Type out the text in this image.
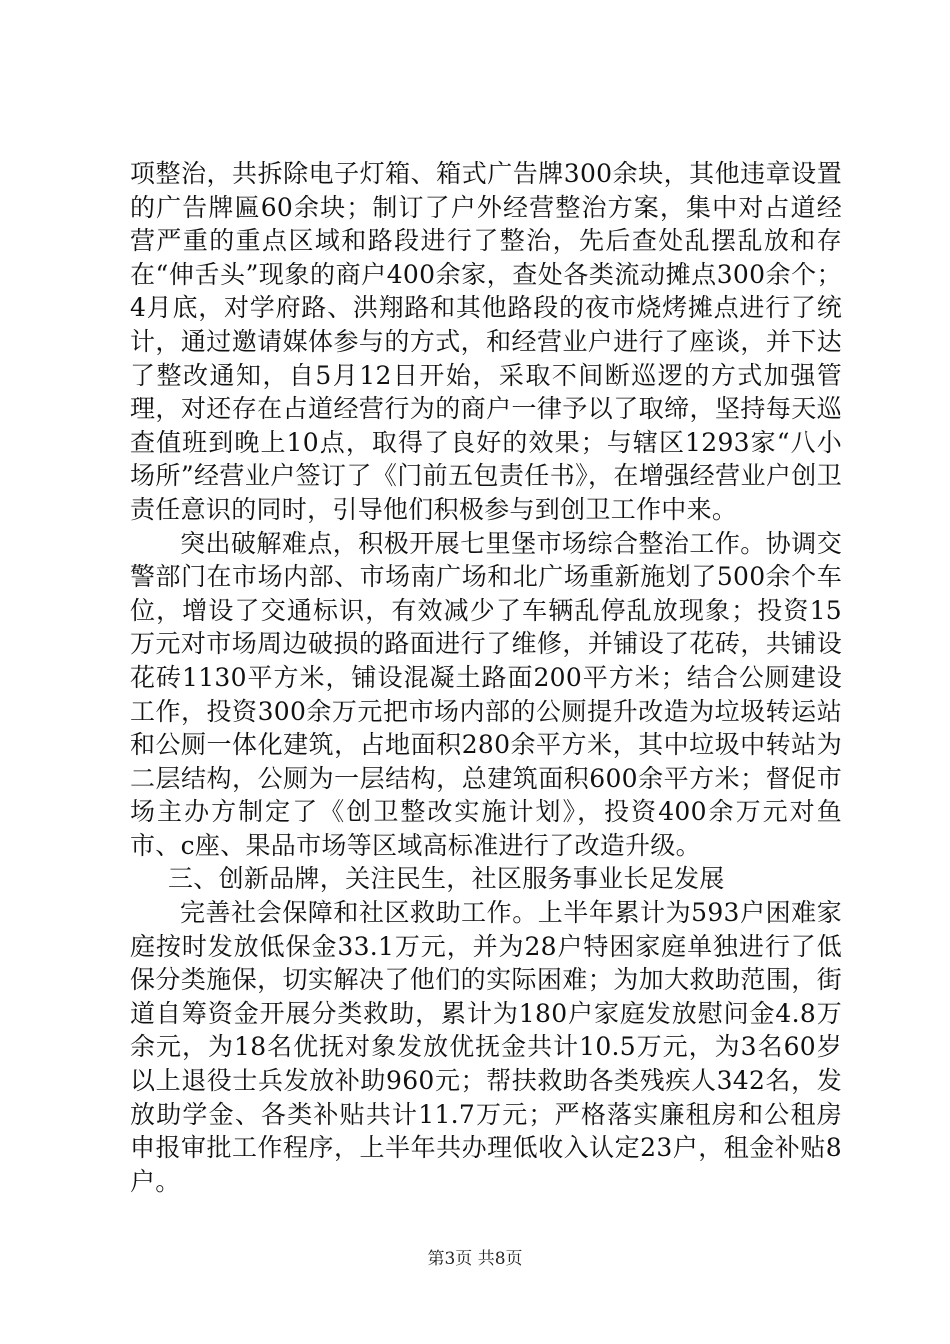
项整治，共拆除电子灯箱、箱式广告牌300余块，其他违章设置的广告牌匾60余块；制订了户外经营整治方案，集中对占道经营严重的重点区域和路段进行了整治，先后查处乱摆乱放和存在“伸舌头”现象的商户400余家，查处各类流动摊点300余个；4月底，对学府路、洪翔路和其他路段的夜市烧烤摊点进行了统计，通过邀请媒体参与的方式，和经营业户进行了座谈，并下达了整改通知，自5月12日开始，采取不间断巡逻的方式加强管理，对还存在占道经营行为的商户一律予以了取缔，坚持每天巡查值班到晚上10点，取得了良好的效果；与辖区1293家“八小场所”经营业户签订了《门前五包责任书》，在增强经营业户创卫责任意识的同时，引导他们积极参与到创卫工作中来。

突出破解难点，积极开展七里堡市场综合整治工作。协调交警部门在市场内部、市场南广场和北广场重新施划了500余个车位，增设了交通标识，有效减少了车辆乱停乱放现象；投资15万元对市场周边破损的路面进行了维修，并铺设了花砖，共铺设花砖1130平方米，铺设混凝土路面200平方米；结合公厕建设工作，投资300余万元把市场内部的公厕提升改造为垃圾转运站和公厕一体化建筑，占地面积280余平方米，其中垃圾中转站为二层结构，公厕为一层结构，总建筑面积600余平方米；督促市场主办方制定了《创卫整改实施计划》，投资400余万元对鱼市、c座、果品市场等区域高标准进行了改造升级。

三、创新品牌，关注民生，社区服务事业长足发展

完善社会保障和社区救助工作。上半年累计为593户困难家庭按时发放低保金33.1万元，并为28户特困家庭单独进行了低保分类施保，切实解决了他们的实际困难；为加大救助范围，街道自筹资金开展分类救助，累计为180户家庭发放慰问金4.8万余元，为18名优抚对象发放优抚金共计10.5万元，为3名60岁以上退役士兵发放补助960元；帮扶救助各类残疾人342名，发放助学金、各类补贴共计11.7万元；严格落实廉租房和公租房申报审批工作程序，上半年共办理低收入认定23户，租金补贴8户。

第3页 共8页
